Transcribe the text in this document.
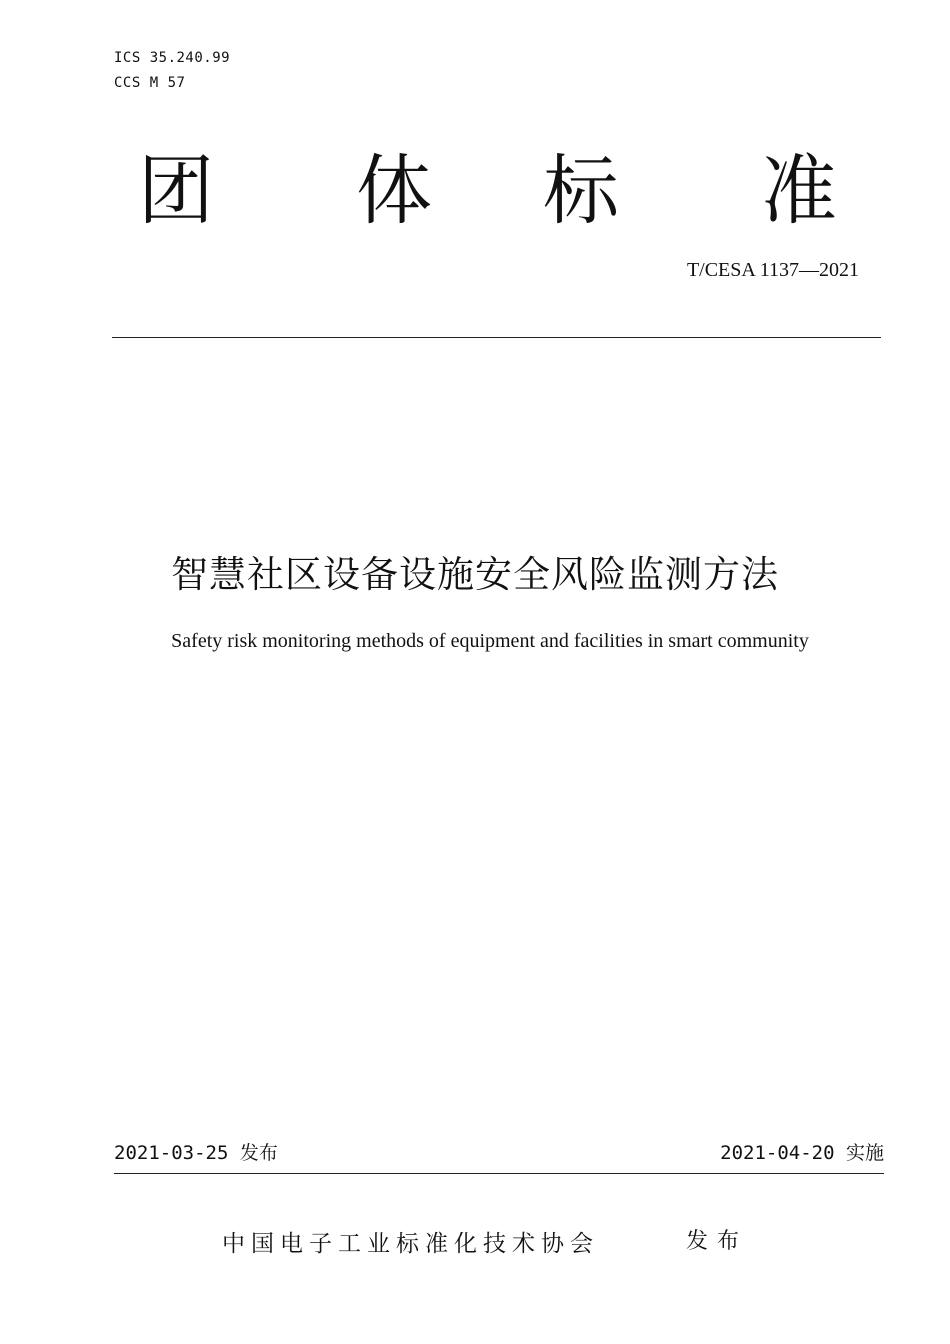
ICS 35.240.99
CCS M 57
团 体 标 准
T/CESA 1137—2021
智慧社区设备设施安全风险监测方法
Safety risk monitoring methods of equipment and facilities in smart community
2021-03-25 发布	2021-04-20 实施
中国电子工业标准化技术协会	发布
